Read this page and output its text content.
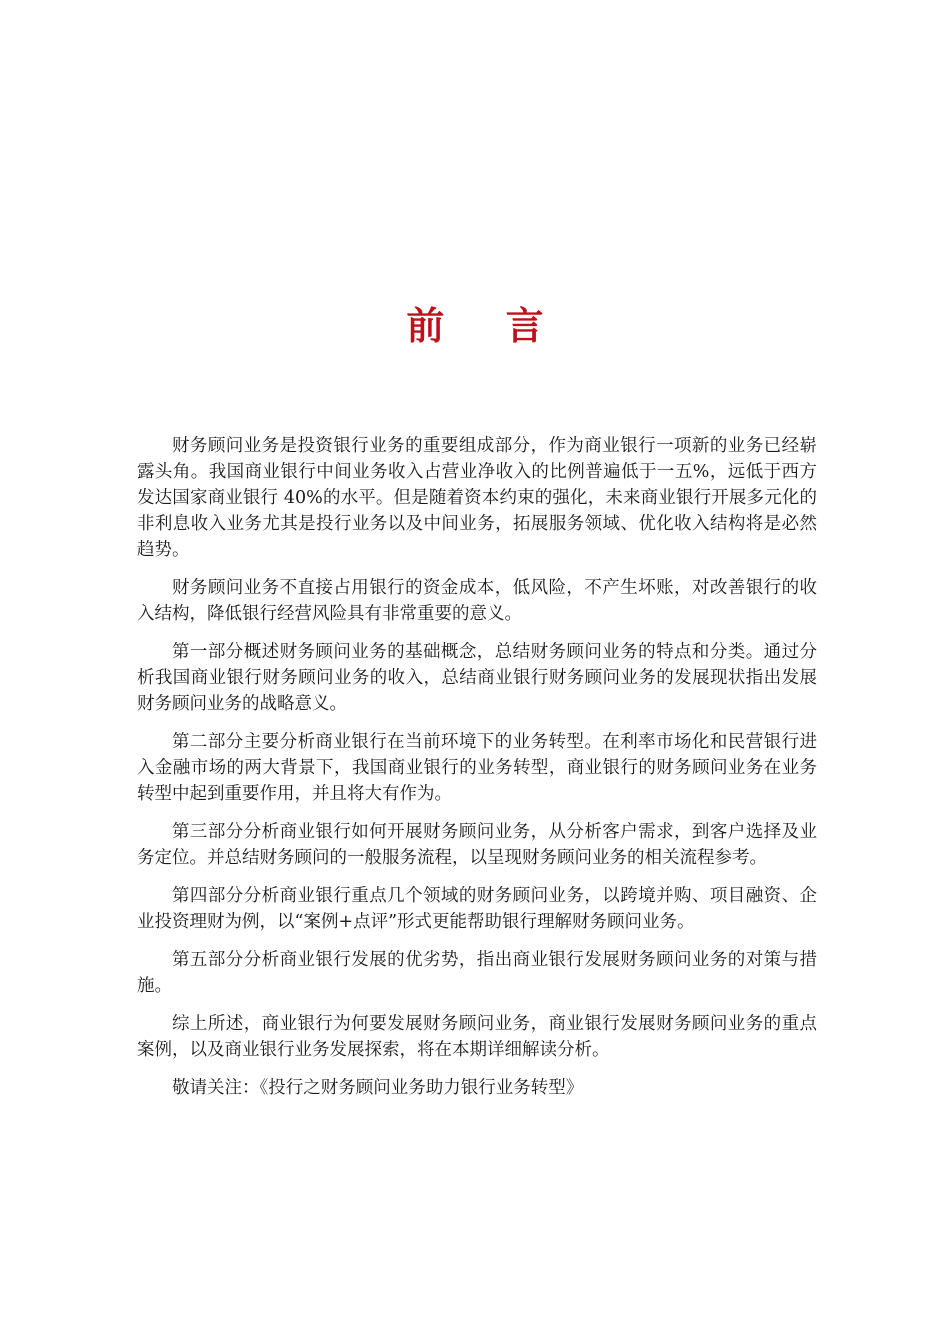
前 言

财务顾问业务是投资银行业务的重要组成部分，作为商业银行一项新的业务已经崭露头角。我国商业银行中间业务收入占营业净收入的比例普遍低于一五%，远低于西方发达国家商业银行 40%的水平。但是随着资本约束的强化，未来商业银行开展多元化的非利息收入业务尤其是投行业务以及中间业务，拓展服务领域、优化收入结构将是必然趋势。

财务顾问业务不直接占用银行的资金成本，低风险，不产生坏账，对改善银行的收入结构，降低银行经营风险具有非常重要的意义。

第一部分概述财务顾问业务的基础概念，总结财务顾问业务的特点和分类。通过分析我国商业银行财务顾问业务的收入，总结商业银行财务顾问业务的发展现状指出发展财务顾问业务的战略意义。

第二部分主要分析商业银行在当前环境下的业务转型。在利率市场化和民营银行进入金融市场的两大背景下，我国商业银行的业务转型，商业银行的财务顾问业务在业务转型中起到重要作用，并且将大有作为。

第三部分分析商业银行如何开展财务顾问业务，从分析客户需求，到客户选择及业务定位。并总结财务顾问的一般服务流程，以呈现财务顾问业务的相关流程参考。

第四部分分析商业银行重点几个领域的财务顾问业务，以跨境并购、项目融资、企业投资理财为例，以“案例+点评”形式更能帮助银行理解财务顾问业务。

第五部分分析商业银行发展的优劣势，指出商业银行发展财务顾问业务的对策与措施。

综上所述，商业银行为何要发展财务顾问业务，商业银行发展财务顾问业务的重点案例，以及商业银行业务发展探索，将在本期详细解读分析。

敬请关注：《投行之财务顾问业务助力银行业务转型》
